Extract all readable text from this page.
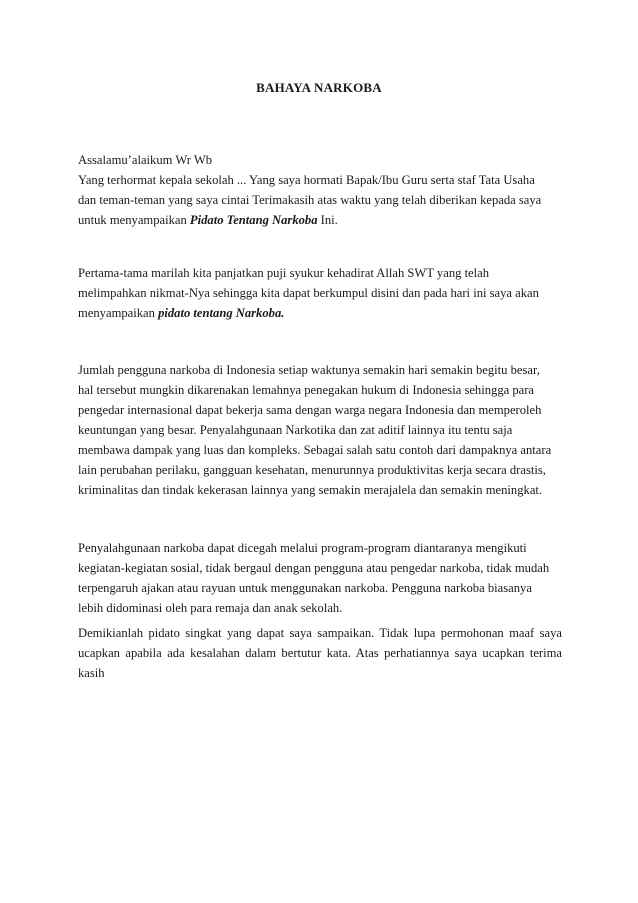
BAHAYA NARKOBA
Assalamu’alaikum Wr Wb
Yang terhormat kepala sekolah ... Yang saya hormati Bapak/Ibu Guru serta staf Tata Usaha
dan teman-teman yang saya cintai Terimakasih atas waktu yang telah diberikan kepada saya
untuk menyampaikan Pidato Tentang Narkoba Ini.
Pertama-tama marilah kita panjatkan puji syukur kehadirat Allah SWT yang telah
melimpahkan nikmat-Nya sehingga kita dapat berkumpul disini dan pada hari ini saya akan
menyampaikan pidato tentang Narkoba.
Jumlah pengguna narkoba di Indonesia setiap waktunya semakin hari semakin begitu besar,
hal tersebut mungkin dikarenakan lemahnya penegakan hukum di Indonesia sehingga para
pengedar internasional dapat bekerja sama dengan warga negara Indonesia dan memperoleh
keuntungan yang besar. Penyalahgunaan Narkotika dan zat aditif lainnya itu tentu saja
membawa dampak yang luas dan kompleks. Sebagai salah satu contoh dari dampaknya antara
lain perubahan perilaku, gangguan kesehatan, menurunnya produktivitas kerja secara drastis,
kriminalitas dan tindak kekerasan lainnya yang semakin merajalela dan semakin meningkat.
Penyalahgunaan narkoba dapat dicegah melalui program-program diantaranya mengikuti
kegiatan-kegiatan sosial, tidak bergaul dengan pengguna atau pengedar narkoba, tidak mudah
terpengaruh ajakan atau rayuan untuk menggunakan narkoba. Pengguna narkoba biasanya
lebih didominasi oleh para remaja dan anak sekolah.
Demikianlah pidato singkat yang dapat saya sampaikan. Tidak lupa permohonan maaf saya
ucapkan apabila ada kesalahan dalam bertutur kata. Atas perhatiannya saya ucapkan terima
kasih
